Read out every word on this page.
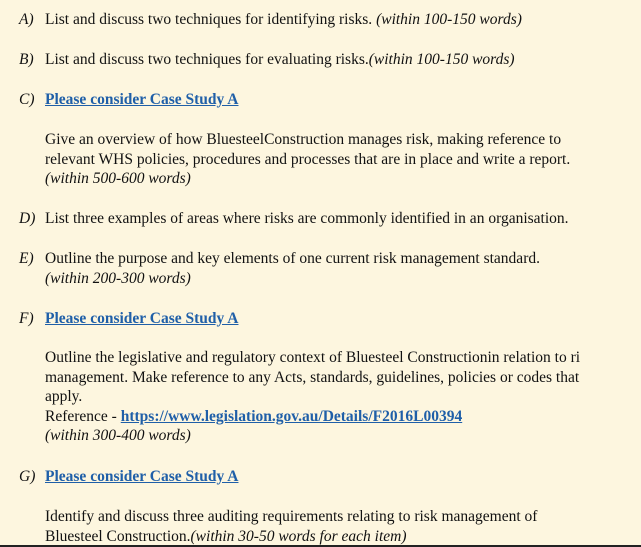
A) List and discuss two techniques for identifying risks. (within 100-150 words)
B) List and discuss two techniques for evaluating risks.(within 100-150 words)
C) Please consider Case Study A
Give an overview of how BluesteelConstruction manages risk, making reference to
relevant WHS policies, procedures and processes that are in place and write a report.
(within 500-600 words)
D) List three examples of areas where risks are commonly identified in an organisation.
E) Outline the purpose and key elements of one current risk management standard.
(within 200-300 words)
F) Please consider Case Study A
Outline the legislative and regulatory context of Bluesteel Constructionin relation to ri
management. Make reference to any Acts, standards, guidelines, policies or codes that
apply.
Reference - https://www.legislation.gov.au/Details/F2016L00394
(within 300-400 words)
G) Please consider Case Study A
Identify and discuss three auditing requirements relating to risk management of
Bluesteel Construction.(within 30-50 words for each item)
